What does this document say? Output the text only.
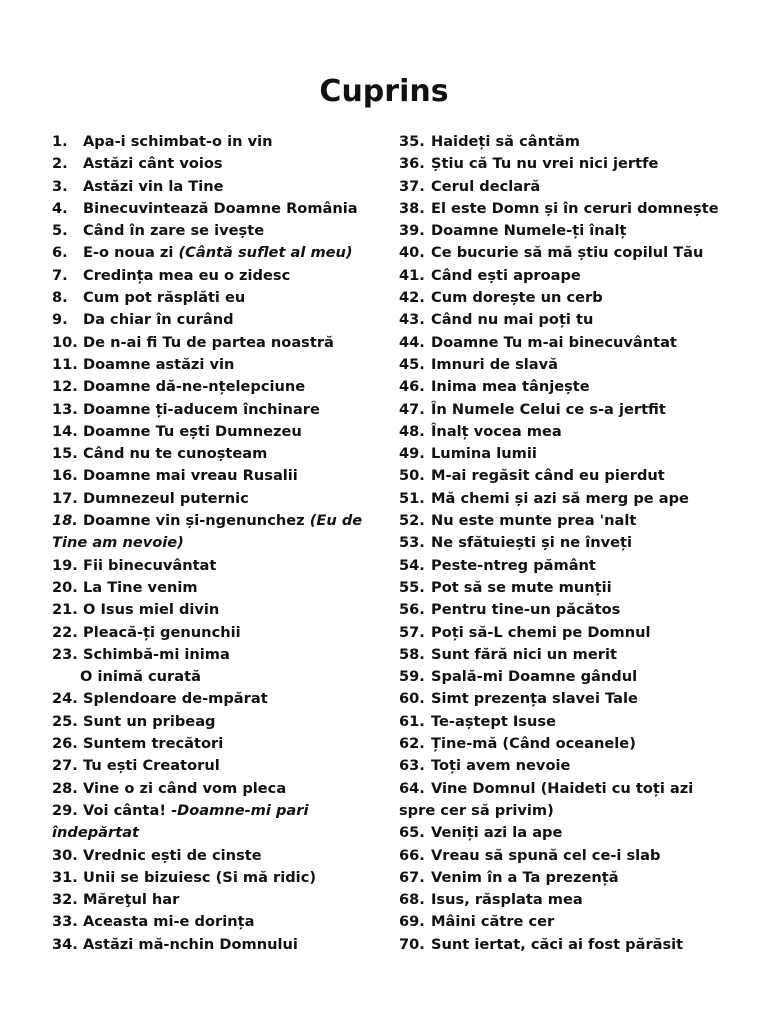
Cuprins
1. Apa-i schimbat-o in vin
2. Astăzi cânt voios
3. Astăzi vin la Tine
4. Binecuvintează Doamne România
5. Când în zare se ivește
6. E-o noua zi (Cântă suflet al meu)
7. Credința mea eu o zidesc
8. Cum pot răsplăti eu
9. Da chiar în curând
10. De n-ai fi Tu de partea noastră
11. Doamne astăzi vin
12. Doamne dă-ne-nțelepciune
13. Doamne ți-aducem închinare
14. Doamne Tu ești Dumnezeu
15. Când nu te cunoșteam
16. Doamne mai vreau Rusalii
17. Dumnezeul puternic
18. Doamne vin și-ngenunchez (Eu de
Tine am nevoie)
19. Fii binecuvântat
20. La Tine venim
21. O Isus miel divin
22. Pleacă-ți genunchii
23. Schimbă-mi inima
O inimă curată
24. Splendoare de-mpărat
25. Sunt un pribeag
26. Suntem trecători
27. Tu ești Creatorul
28. Vine o zi când vom pleca
29. Voi cânta! -Doamne-mi pari
îndepărtat
30. Vrednic ești de cinste
31. Unii se bizuiesc (Si mă ridic)
32. Măreţul har
33. Aceasta mi-e dorința
34. Astăzi mă-nchin Domnului
35. Haideți să cântăm
36. Știu că Tu nu vrei nici jertfe
37. Cerul declară
38. El este Domn și în ceruri domnește
39. Doamne Numele-ți înalț
40. Ce bucurie să mă știu copilul Tău
41. Când ești aproape
42. Cum dorește un cerb
43. Când nu mai poți tu
44. Doamne Tu m-ai binecuvântat
45. Imnuri de slavă
46. Inima mea tânjește
47. În Numele Celui ce s-a jertfit
48. Înalț vocea mea
49. Lumina lumii
50. M-ai regăsit când eu pierdut
51. Mă chemi și azi să merg pe ape
52. Nu este munte prea 'nalt
53. Ne sfătuiești și ne înveți
54. Peste-ntreg pământ
55. Pot să se mute munții
56. Pentru tine-un păcătos
57. Poți să-L chemi pe Domnul
58. Sunt fără nici un merit
59. Spală-mi Doamne gândul
60. Simt prezența slavei Tale
61. Te-aștept Isuse
62. Ține-mă (Când oceanele)
63. Toți avem nevoie
64. Vine Domnul (Haideti cu toți azi
spre cer să privim)
65. Veniți azi la ape
66. Vreau să spună cel ce-i slab
67. Venim în a Ta prezență
68. Isus, răsplata mea
69. Mâini către cer
70. Sunt iertat, căci ai fost părăsit
